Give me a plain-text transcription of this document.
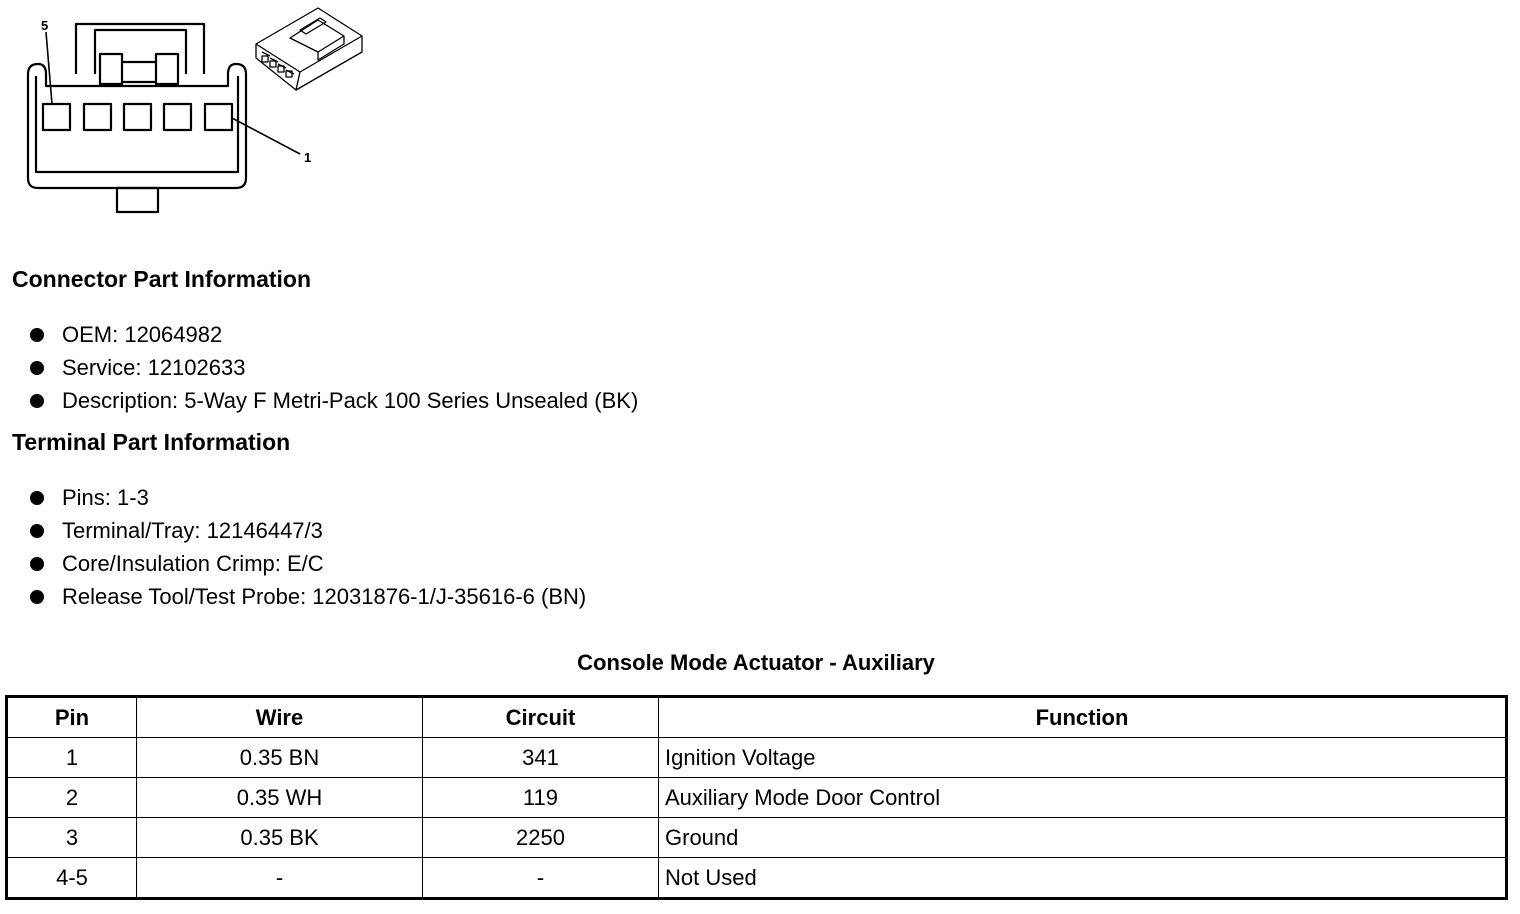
5
1
Connector Part Information
OEM: 12064982
Service: 12102633
Description: 5-Way F Metri-Pack 100 Series Unsealed (BK)
Terminal Part Information
Pins: 1-3
Terminal/Tray: 12146447/3
Core/Insulation Crimp: E/C
Release Tool/Test Probe: 12031876-1/J-35616-6 (BN)
Console Mode Actuator - Auxiliary
Pin	Wire	Circuit	Function
1	0.35 BN	341	Ignition Voltage
2	0.35 WH	119	Auxiliary Mode Door Control
3	0.35 BK	2250	Ground
4-5	-	-	Not Used
